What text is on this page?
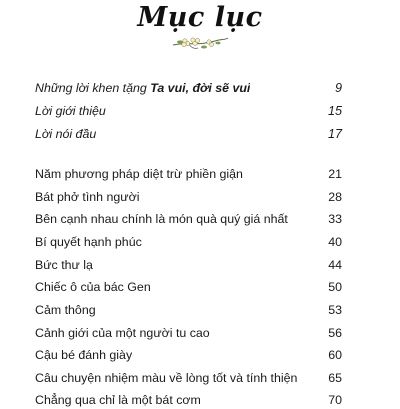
Mục lục
Những lời khen tặng Ta vui, đời sẽ vui	9
Lời giới thiệu	15
Lời nói đầu	17
Năm phương pháp diệt trừ phiền giận	21
Bát phở tình người	28
Bên cạnh nhau chính là món quà quý giá nhất	33
Bí quyết hạnh phúc	40
Bức thư lạ	44
Chiếc ô của bác Gen	50
Cảm thông	53
Cảnh giới của một người tu cao	56
Cậu bé đánh giày	60
Câu chuyện nhiệm màu về lòng tốt và tính thiện	65
Chẳng qua chỉ là một bát cơm	70
